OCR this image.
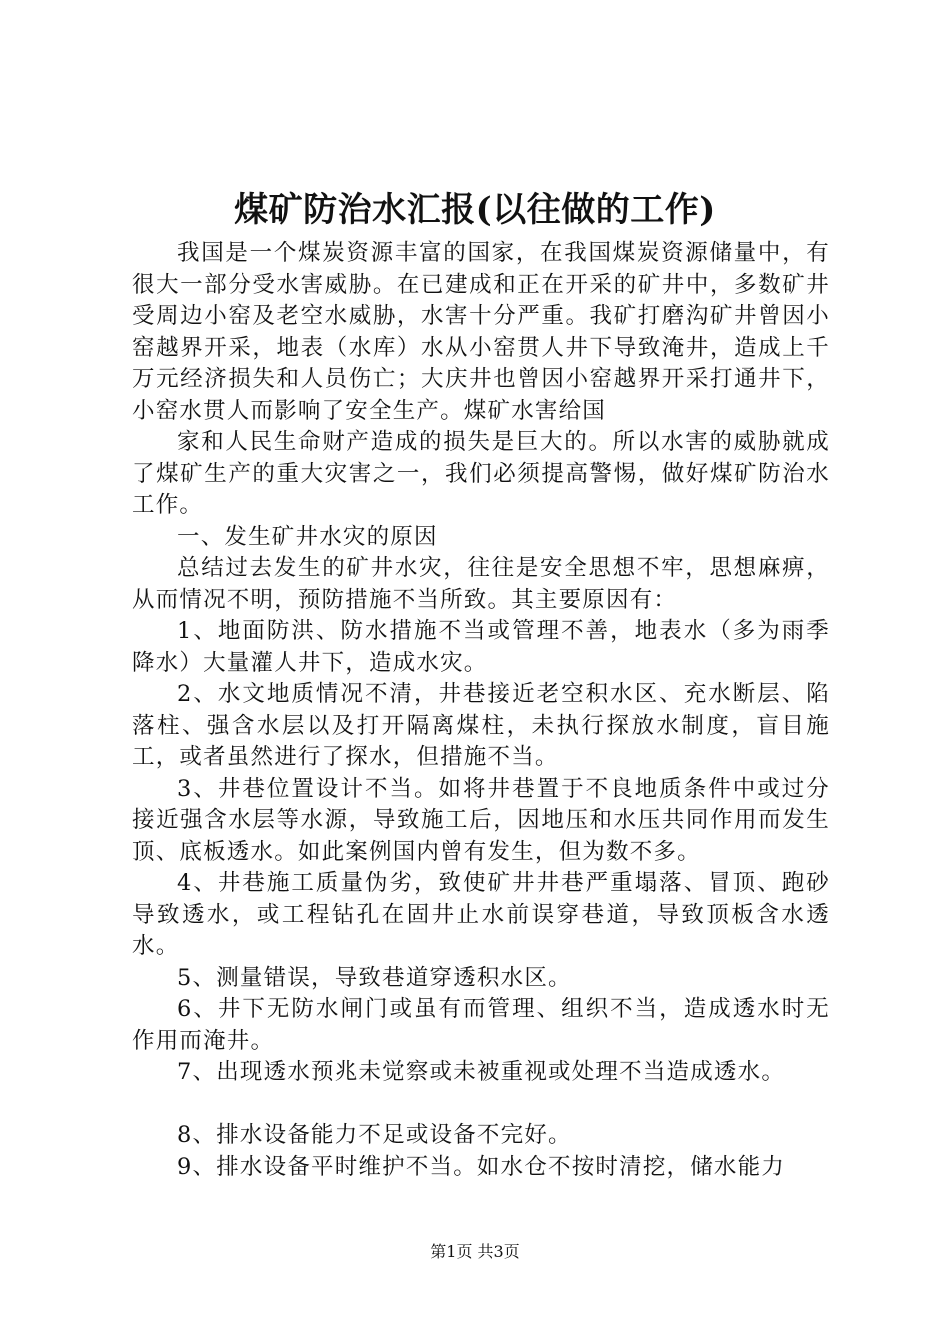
煤矿防治水汇报(以往做的工作)

我国是一个煤炭资源丰富的国家，在我国煤炭资源储量中，有很大一部分受水害威胁。在已建成和正在开采的矿井中，多数矿井受周边小窑及老空水威胁，水害十分严重。我矿打磨沟矿井曾因小窑越界开采，地表（水库）水从小窑贯人井下导致淹井，造成上千万元经济损失和人员伤亡；大庆井也曾因小窑越界开采打通井下，小窑水贯人而影响了安全生产。煤矿水害给国

家和人民生命财产造成的损失是巨大的。所以水害的威胁就成了煤矿生产的重大灾害之一，我们必须提高警惕，做好煤矿防治水工作。

一、发生矿井水灾的原因

总结过去发生的矿井水灾，往往是安全思想不牢，思想麻痹，从而情况不明，预防措施不当所致。其主要原因有：

1、地面防洪、防水措施不当或管理不善，地表水（多为雨季降水）大量灌人井下，造成水灾。

2、水文地质情况不清，井巷接近老空积水区、充水断层、陷落柱、强含水层以及打开隔离煤柱，未执行探放水制度，盲目施工，或者虽然进行了探水，但措施不当。

3、井巷位置设计不当。如将井巷置于不良地质条件中或过分接近强含水层等水源，导致施工后，因地压和水压共同作用而发生顶、底板透水。如此案例国内曾有发生，但为数不多。

4、井巷施工质量伪劣，致使矿井井巷严重塌落、冒顶、跑砂导致透水，或工程钻孔在固井止水前误穿巷道，导致顶板含水透水。

5、测量错误，导致巷道穿透积水区。

6、井下无防水闸门或虽有而管理、组织不当，造成透水时无作用而淹井。

7、出现透水预兆未觉察或未被重视或处理不当造成透水。

8、排水设备能力不足或设备不完好。

9、排水设备平时维护不当。如水仓不按时清挖，储水能力

第1页 共3页
